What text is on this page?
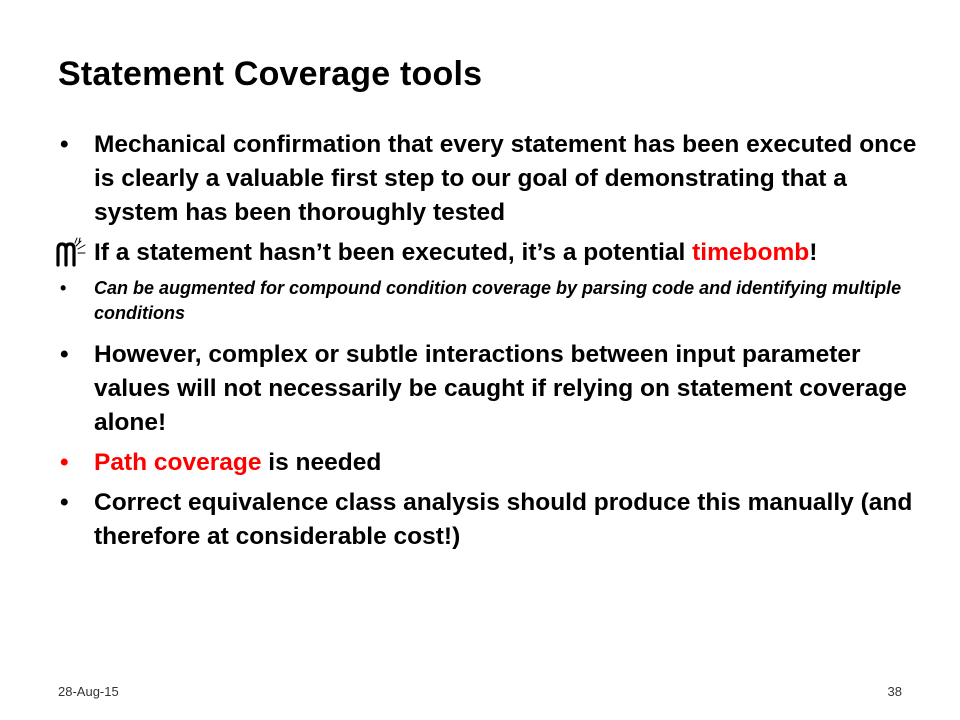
Statement Coverage tools
• Mechanical confirmation that every statement has been executed once is clearly a valuable first step to our goal of demonstrating that a system has been thoroughly tested
If a statement hasn’t been executed, it’s a potential timebomb!
• Can be augmented for compound condition coverage by parsing code and identifying multiple conditions
• However, complex or subtle interactions between input parameter values will not necessarily be caught if relying on statement coverage alone!
• Path coverage is needed
• Correct equivalence class analysis should produce this manually (and therefore at considerable cost!)
28-Aug-15	38
